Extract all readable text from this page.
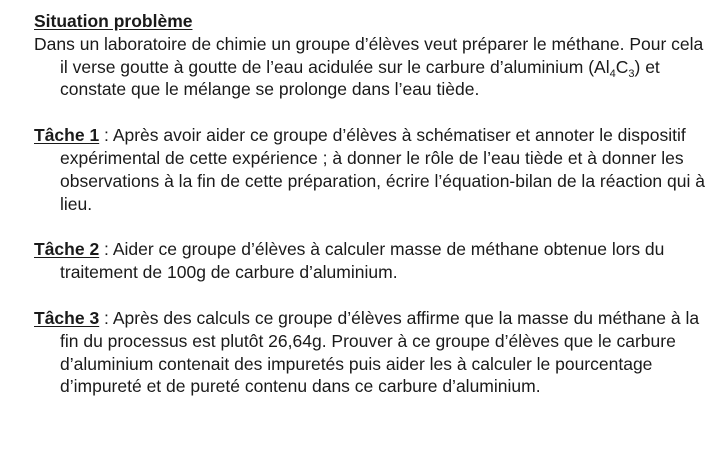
Situation problème

Dans un laboratoire de chimie un groupe d’élèves veut préparer le méthane. Pour cela il verse goutte à goutte de l’eau acidulée sur le carbure d’aluminium $(Al_4C_3)$ et constate que le mélange se prolonge dans l’eau tiède.

Tâche 1 : Après avoir aider ce groupe d’élèves à schématiser et annoter le dispositif expérimental de cette expérience ; à donner le rôle de l’eau tiède et à donner les observations à la fin de cette préparation, écrire l’équation-bilan de la réaction qui à lieu.

Tâche 2 : Aider ce groupe d’élèves à calculer masse de méthane obtenue lors du traitement de 100g de carbure d’aluminium.

Tâche 3 : Après des calculs ce groupe d’élèves affirme que la masse du méthane à la fin du processus est plutôt 26,64g. Prouver à ce groupe d’élèves que le carbure d’aluminium contenait des impuretés puis aider les à calculer le pourcentage d’impureté et de pureté contenu dans ce carbure d’aluminium.
